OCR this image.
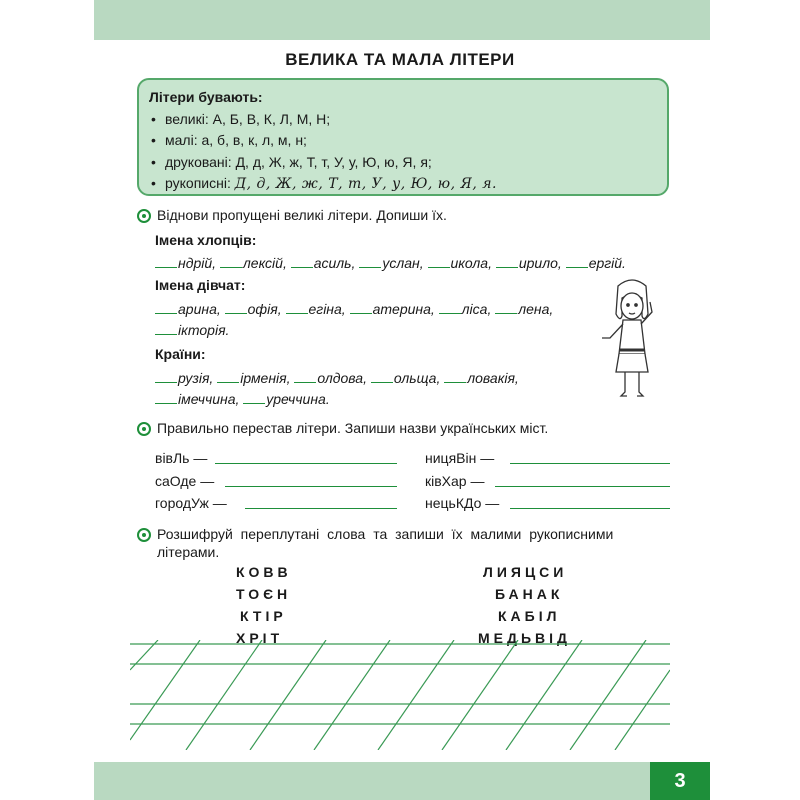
ВЕЛИКА ТА МАЛА ЛІТЕРИ
Літери бувають:
• великі: А, Б, В, К, Л, М, Н;
• малі: а, б, в, к, л, м, н;
• друковані: Д, д, Ж, ж, Т, т, У, у, Ю, ю, Я, я;
• рукописні: Д, д, Ж, ж, Т, т, У, у, Ю, ю, Я, я.
Віднови пропущені великі літери. Допиши їх.
Імена хлопців:
ндрій, лексій, асиль, услан, икола, ирило, ергій.
Імена дівчат:
арина, офія, егіна, атерина, ліса, лена,
ікторія.
Країни:
рузія, ірменія, олдова, ольща, ловакія,
імеччина, уреччина.
Правильно перестав літери. Запиши назви українських міст.
вівЛь —
саОде —
городУж —
ницяВін —
ківХар —
нецьКДо —
Розшифруй переплутані слова та запиши їх малими рукописними
літерами.
КОВВ
ТОЄН
КТІР
ХРІТ
ЛИЯЦСИ
БАНАК
КАБІЛ
МЕДЬВІД
3
